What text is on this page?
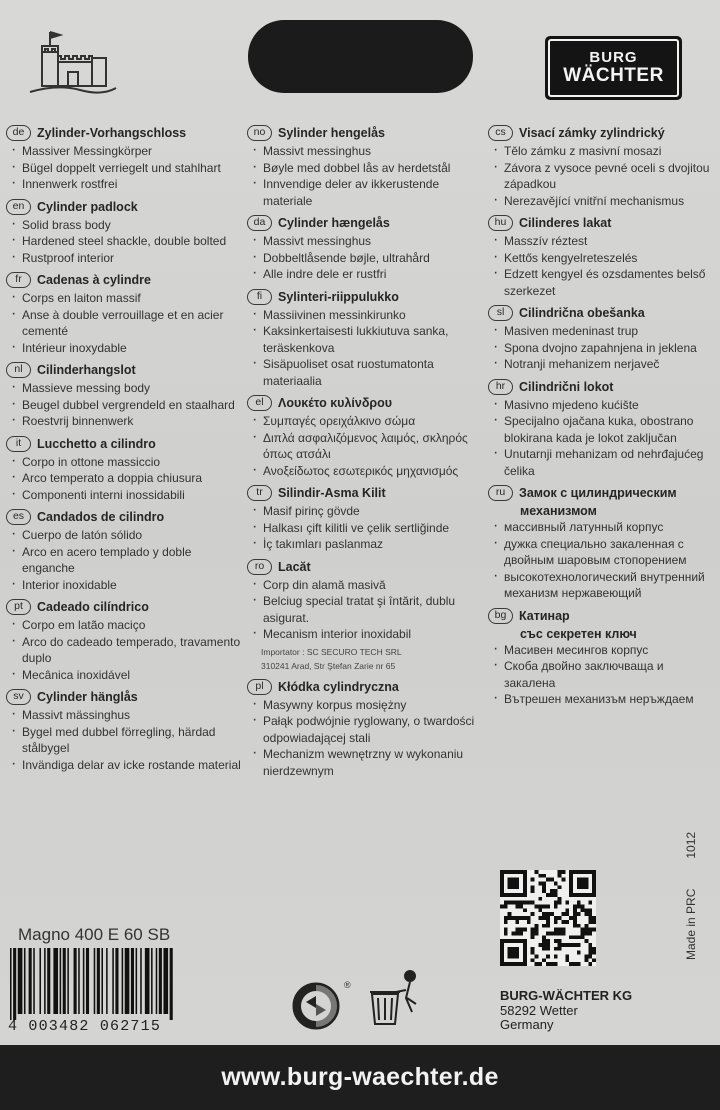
BURG
WÄCHTER
de	Zylinder-Vorhangschloss
· Massiver Messingkörper
· Bügel doppelt verriegelt und stahlhart
· Innenwerk rostfrei
en	Cylinder padlock
· Solid brass body
· Hardened steel shackle, double bolted
· Rustproof interior
fr	Cadenas à cylindre
· Corps en laiton massif
· Anse à double verrouillage et en acier cementé
· Intérieur inoxydable
nl	Cilinderhangslot
· Massieve messing body
· Beugel dubbel vergrendeld en staalhard
· Roestvrij binnenwerk
it	Lucchetto a cilindro
· Corpo in ottone massiccio
· Arco temperato a doppia chiusura
· Componenti interni inossidabili
es	Candados de cilindro
· Cuerpo de latón sólido
· Arco en acero templado y doble enganche
· Interior inoxidable
pt	Cadeado cilíndrico
· Corpo em latão maciço
· Arco do cadeado temperado, travamento duplo
· Mecânica inoxidável
sv	Cylinder hänglås
· Massivt mässinghus
· Bygel med dubbel förregling, härdad stålbygel
· Invändiga delar av icke rostande material
no	Sylinder hengelås
· Massivt messinghus
· Bøyle med dobbel lås av herdetstål
· Innvendige deler av ikkerustende materiale
da	Cylinder hængelås
· Massivt messinghus
· Dobbeltlåsende bøjle, ultrahård
· Alle indre dele er rustfri
fi	Sylinteri-riippulukko
· Massiivinen messinkirunko
· Kaksinkertaisesti lukkiutuva sanka, teräskenkova
· Sisäpuoliset osat ruostumatonta materiaalia
el	Λουκέτο κυλίνδρου
· Συμπαγές ορειχάλκινο σώμα
· Διπλά ασφαλιζόμενος λαιμός, σκληρός όπως ατσάλι
· Ανοξείδωτος εσωτερικός μηχανισμός
tr	Silindir-Asma Kilit
· Masif pirinç gövde
· Halkası çift kilitli ve çelik sertliğinde
· İç takımları paslanmaz
ro	Lacăt
· Corp din alamă masivă
· Belciug special tratat şi întărit, dublu asigurat.
· Mecanism interior inoxidabil
Importator : SC SECURO TECH SRL
310241 Arad, Str Ştefan Zarie nr 65
pl	Kłódka cylindryczna
· Masywny korpus mosiężny
· Pałąk podwójnie ryglowany, o twardości odpowiadającej stali
· Mechanizm wewnętrzny w wykonaniu nierdzewnym
cs	Visací zámky zylindrický
· Tělo zámku z masivní mosazi
· Závora z vysoce pevné oceli s dvojitou západkou
· Nerezavějící vnitřní mechanismus
hu	Cilinderes lakat
· Masszív réztest
· Kettős kengyelreteszelés
· Edzett kengyel és ozsdamentes belső szerkezet
sl	Cilindrična obešanka
· Masiven medeninast trup
· Spona dvojno zapahnjena in jeklena
· Notranji mehanizem nerjavеč
hr	Cilindrični lokot
· Masivno mjedeno kućište
· Specijalno ojačana kuka, obostrano blokirana kada je lokot zaključan
· Unutarnji mehanizam od nehrđajućeg čelika
ru	Замок с цилиндрическим
механизмом
· массивный латунный корпус
· дужка специально закаленная с двойным шаровым стопорением
· высокотехнологический внутренний механизм нержавеющий
bg	Катинар
със секретен ключ
· Масивен месингов корпус
· Скоба двойно заключваща и закалена
· Вътрешен механизъм неръждаем
Magno 400 E 60 SB
4 003482 062715
®
Made in PRC
1012
BURG-WÄCHTER KG
58292 Wetter
Germany
www.burg-waechter.de
